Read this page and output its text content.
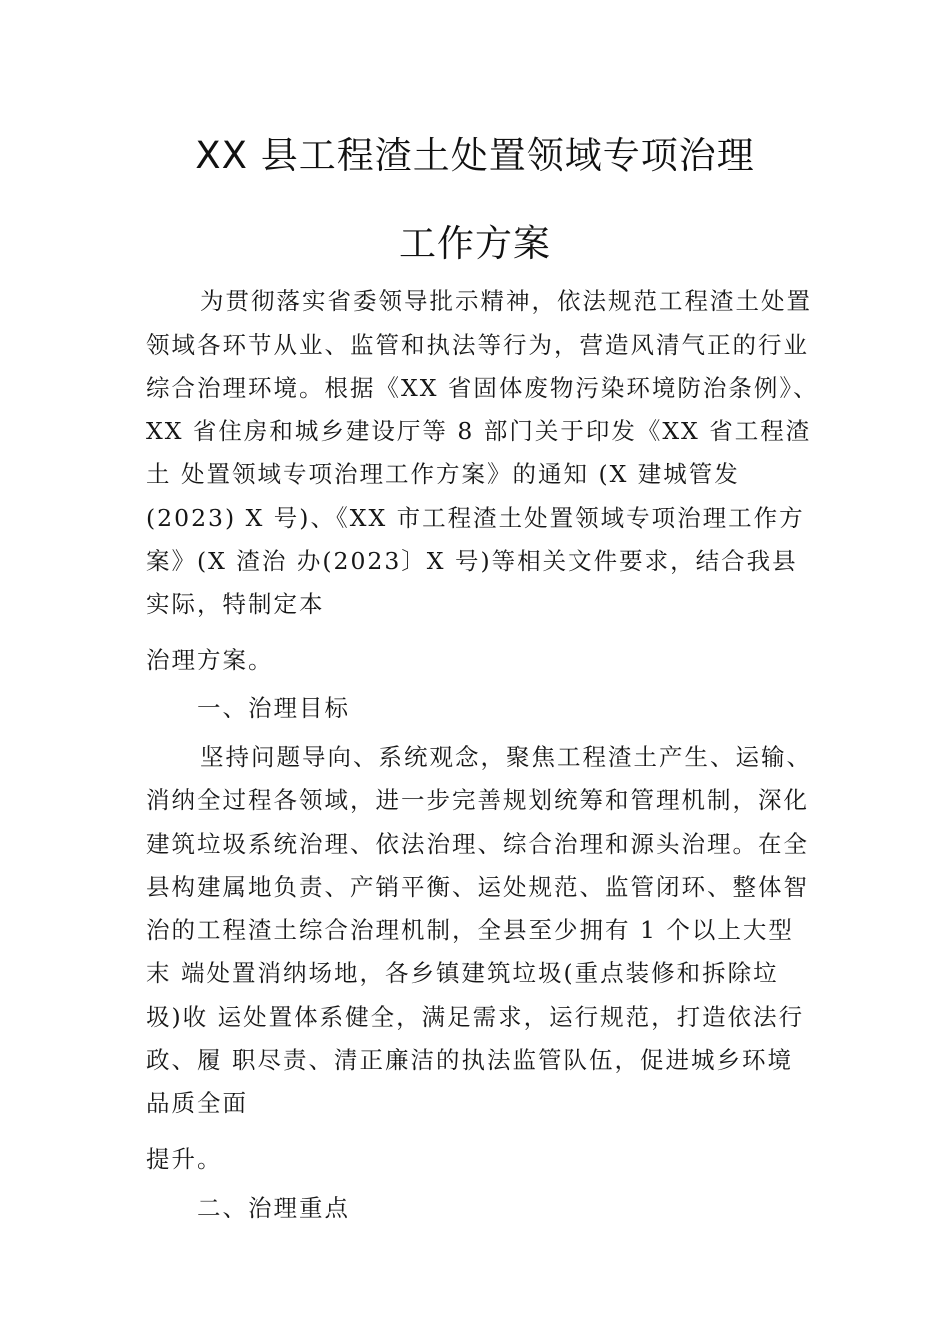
XX 县工程渣土处置领域专项治理
工作方案
为贯彻落实省委领导批示精神，依法规范工程渣土处置
领域各环节从业、监管和执法等行为，营造风清气正的行业
综合治理环境。根据《XX 省固体废物污染环境防治条例》、
XX 省住房和城乡建设厅等 8 部门关于印发《XX 省工程渣
土 处置领域专项治理工作方案》的通知 (X 建城管发
(2023) X 号)、《XX 市工程渣土处置领域专项治理工作方
案》(X 渣治 办(2023〕X 号)等相关文件要求，结合我县
实际，特制定本
治理方案。
一、治理目标
坚持问题导向、系统观念，聚焦工程渣土产生、运输、
消纳全过程各领域，进一步完善规划统筹和管理机制，深化
建筑垃圾系统治理、依法治理、综合治理和源头治理。在全
县构建属地负责、产销平衡、运处规范、监管闭环、整体智
治的工程渣土综合治理机制，全县至少拥有 1 个以上大型
末 端处置消纳场地，各乡镇建筑垃圾(重点装修和拆除垃
圾)收 运处置体系健全，满足需求，运行规范，打造依法行
政、履 职尽责、清正廉洁的执法监管队伍，促进城乡环境
品质全面
提升。
二、治理重点
